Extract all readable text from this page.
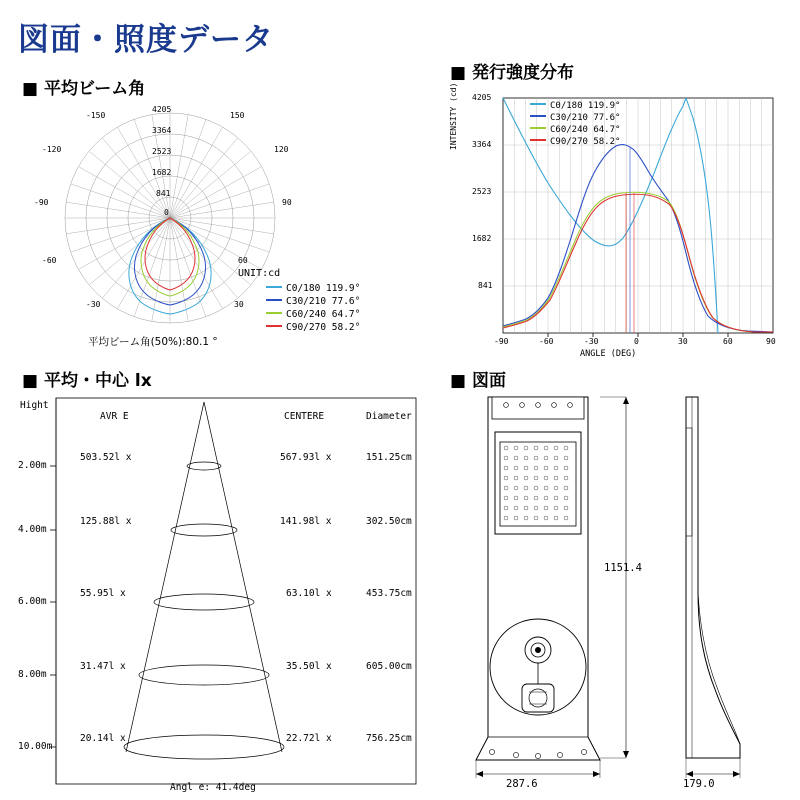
図面・照度データ
■ 平均ビーム角
■ 発行強度分布
■ 平均・中心 lx	■ 図面
4205
3364
2523
1682
841
0
-150
-120
-90
-60
-30
150
120
90
60
30
UNIT:cd
C0/180 119.9°
C30/210 77.6°
C60/240 64.7°
C90/270 58.2°
平均ビーム角(50%):80.1 °
4205
3364
2523
1682
841
-90	-60	-30	0	30	60	90
C0/180 119.9°
C30/210 77.6°
C60/240 64.7°
C90/270 58.2°
INTENSITY (cd)
ANGLE (DEG)
AVR E	CENTERE	Diameter
2.00m
503.52l x	567.93l x	151.25cm
4.00m
125.88l x	141.98l x	302.50cm
6.00m
55.95l x	63.10l x	453.75cm
8.00m
31.47l x	35.50l x	605.00cm
10.00m
20.14l x	22.72l x	756.25cm
Hight
Angl e: 41.4deg
1151.4
287.6	179.0
